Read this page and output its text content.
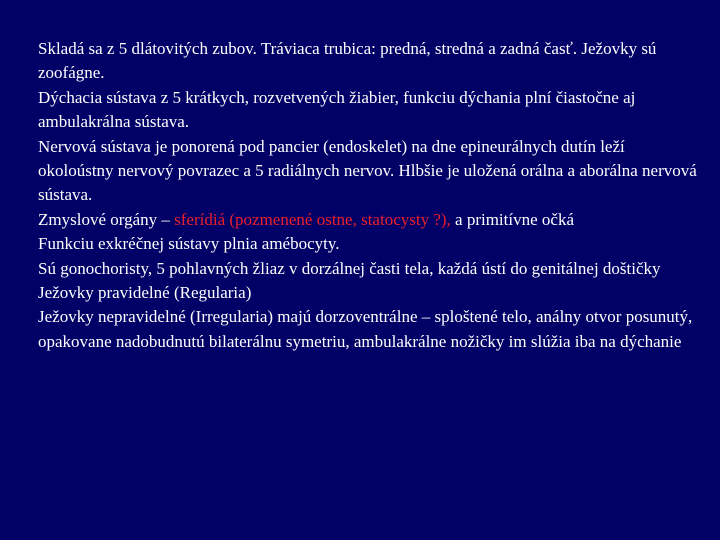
Skladá sa z 5 dlátovitých zubov. Tráviaca trubica: predná, stredná a zadná časť. Ježovky sú zoofágne.

Dýchacia sústava z 5 krátkych, rozvetvených žiabier, funkciu dýchania plní čiastočne aj ambulakrálna sústava.

Nervová sústava je ponorená pod pancier (endoskelet) na dne epineurálnych dutín leží okoloústny nervový povrazec a 5 radiálnych nervov. Hlbšie je uložená orálna a aborálna nervová sústava.

Zmyslové orgány – sferídiá (pozmenené ostne, statocysty ?), a primitívne očká

Funkciu exkréčnej sústavy plnia amébocyty.

Sú gonochoristy, 5 pohlavných žliaz v dorzálnej časti tela, každá ústí do genitálnej doštičky

Ježovky pravidelné (Regularia)

Ježovky nepravidelné (Irregularia) majú dorzoventrálne – sploštené telo, análny otvor posunutý, opakovane nadobudnutú bilaterálnu symetriu, ambulakrálne nožičky im slúžia iba na dýchanie
